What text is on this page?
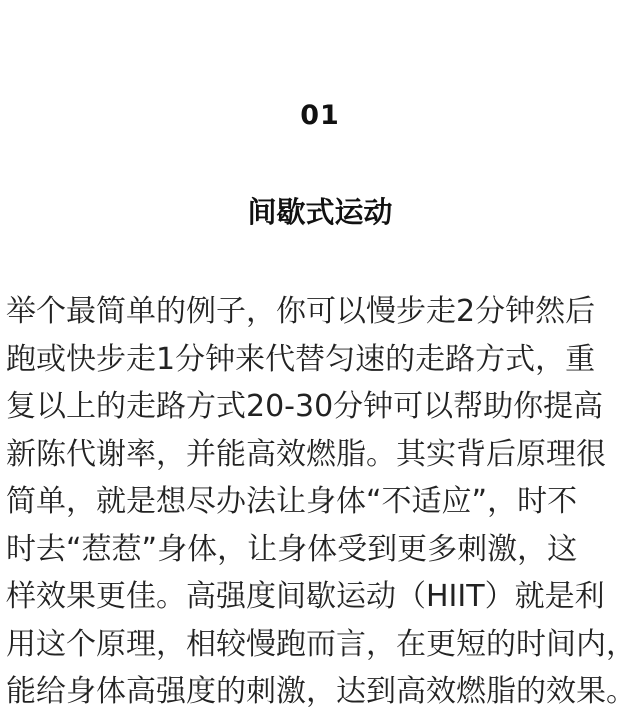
01
间歇式运动
举个最简单的例子，你可以慢步走2分钟然后
跑或快步走1分钟来代替匀速的走路方式，重
复以上的走路方式20-30分钟可以帮助你提高
新陈代谢率，并能高效燃脂。其实背后原理很
简单，就是想尽办法让身体“不适应”，时不
时去“惹惹”身体，让身体受到更多刺激，这
样效果更佳。高强度间歇运动（HIIT）就是利
用这个原理，相较慢跑而言，在更短的时间内，
能给身体高强度的刺激，达到高效燃脂的效果。
